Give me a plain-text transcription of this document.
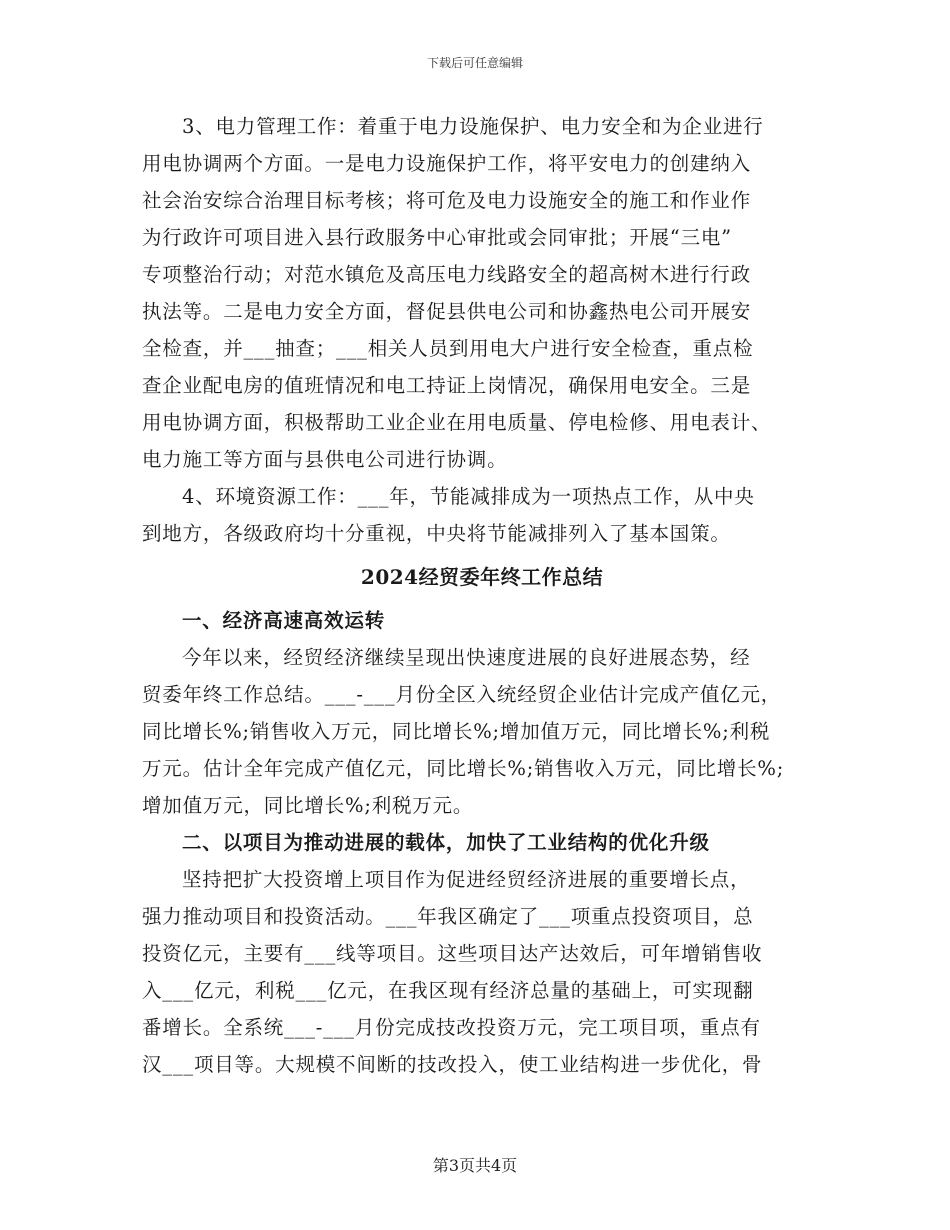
下载后可任意编辑
3、电力管理工作：着重于电力设施保护、电力安全和为企业进行
用电协调两个方面。一是电力设施保护工作，将平安电力的创建纳入
社会治安综合治理目标考核；将可危及电力设施安全的施工和作业作
为行政许可项目进入县行政服务中心审批或会同审批；开展“三电”
专项整治行动；对范水镇危及高压电力线路安全的超高树木进行行政
执法等。二是电力安全方面，督促县供电公司和协鑫热电公司开展安
全检查，并___抽查；___相关人员到用电大户进行安全检查，重点检
查企业配电房的值班情况和电工持证上岗情况，确保用电安全。三是
用电协调方面，积极帮助工业企业在用电质量、停电检修、用电表计、
电力施工等方面与县供电公司进行协调。
4、环境资源工作：___年，节能减排成为一项热点工作，从中央
到地方，各级政府均十分重视，中央将节能减排列入了基本国策。
2024经贸委年终工作总结
一、经济高速高效运转
今年以来，经贸经济继续呈现出快速度进展的良好进展态势，经
贸委年终工作总结。___-___月份全区入统经贸企业估计完成产值亿元，
同比增长%;销售收入万元，同比增长%;增加值万元，同比增长%;利税
万元。估计全年完成产值亿元，同比增长%;销售收入万元，同比增长%;
增加值万元，同比增长%;利税万元。
二、以项目为推动进展的载体，加快了工业结构的优化升级
坚持把扩大投资增上项目作为促进经贸经济进展的重要增长点，
强力推动项目和投资活动。___年我区确定了___项重点投资项目，总
投资亿元，主要有___线等项目。这些项目达产达效后，可年增销售收
入___亿元，利税___亿元，在我区现有经济总量的基础上，可实现翻
番增长。全系统___-___月份完成技改投资万元，完工项目项，重点有
汉___项目等。大规模不间断的技改投入，使工业结构进一步优化，骨
第3页共4页
